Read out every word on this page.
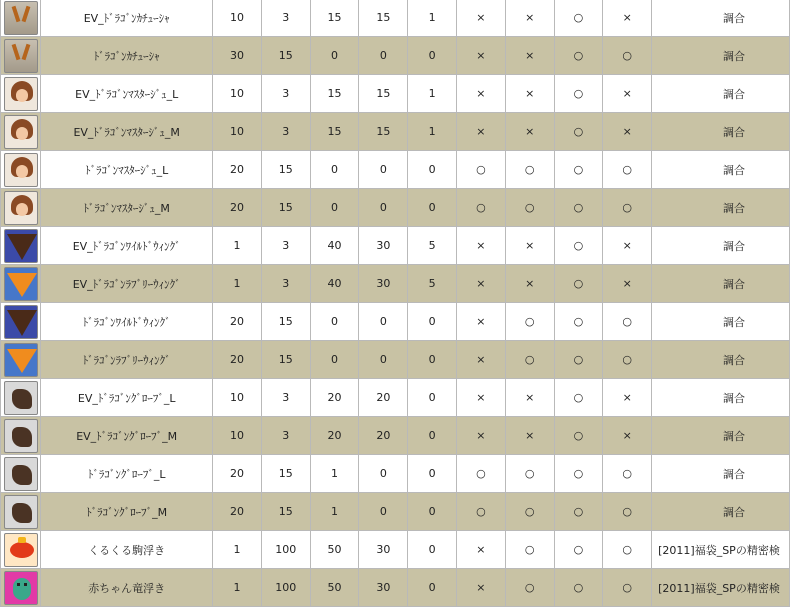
	EV_ﾄﾞﾗｺﾞﾝｶﾁｭｰｼｬ	10	3	15	15	1	×	×	○	×	調合
	ﾄﾞﾗｺﾞﾝｶﾁｭｰｼｬ	30	15	0	0	0	×	×	○	○	調合
	EV_ﾄﾞﾗｺﾞﾝﾏｽﾀｰｼﾞｭ_L	10	3	15	15	1	×	×	○	×	調合
	EV_ﾄﾞﾗｺﾞﾝﾏｽﾀｰｼﾞｭ_M	10	3	15	15	1	×	×	○	×	調合
	ﾄﾞﾗｺﾞﾝﾏｽﾀｰｼﾞｭ_L	20	15	0	0	0	○	○	○	○	調合
	ﾄﾞﾗｺﾞﾝﾏｽﾀｰｼﾞｭ_M	20	15	0	0	0	○	○	○	○	調合
	EV_ﾄﾞﾗｺﾞﾝﾜｲﾙﾄﾞｳｨﾝｸﾞ	1	3	40	30	5	×	×	○	×	調合
	EV_ﾄﾞﾗｺﾞﾝﾗﾌﾞﾘｰｳｨﾝｸﾞ	1	3	40	30	5	×	×	○	×	調合
	ﾄﾞﾗｺﾞﾝﾜｲﾙﾄﾞｳｨﾝｸﾞ	20	15	0	0	0	×	○	○	○	調合
	ﾄﾞﾗｺﾞﾝﾗﾌﾞﾘｰｳｨﾝｸﾞ	20	15	0	0	0	×	○	○	○	調合
	EV_ﾄﾞﾗｺﾞﾝｸﾞﾛｰﾌﾞ_L	10	3	20	20	0	×	×	○	×	調合
	EV_ﾄﾞﾗｺﾞﾝｸﾞﾛｰﾌﾞ_M	10	3	20	20	0	×	×	○	×	調合
	ﾄﾞﾗｺﾞﾝｸﾞﾛｰﾌﾞ_L	20	15	1	0	0	○	○	○	○	調合
	ﾄﾞﾗｺﾞﾝｸﾞﾛｰﾌﾞ_M	20	15	1	0	0	○	○	○	○	調合
	くるくる駒浮き	1	100	50	30	0	×	○	○	○	[2011]福袋_SPの精密検
	赤ちゃん竜浮き	1	100	50	30	0	×	○	○	○	[2011]福袋_SPの精密検
